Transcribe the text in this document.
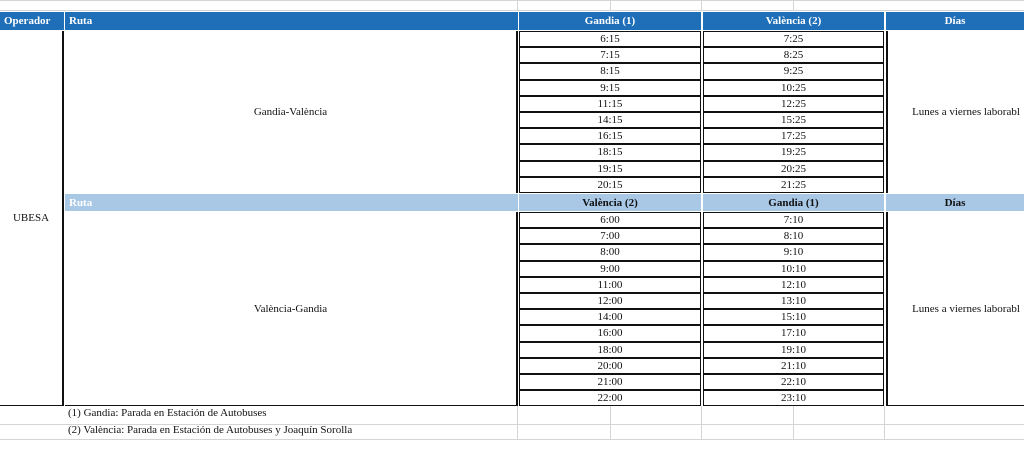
Operador	Ruta	Gandia (1)	València (2)	Días
UBESA
Gandia-València
6:15	7:25
7:15	8:25
8:15	9:25
9:15	10:25
11:15	12:25
14:15	15:25
16:15	17:25
18:15	19:25
19:15	20:25
20:15	21:25
Lunes a viernes laborabl
Ruta	València (2)	Gandia (1)	Días
València-Gandia
6:00	7:10
7:00	8:10
8:00	9:10
9:00	10:10
11:00	12:10
12:00	13:10
14:00	15:10
16:00	17:10
18:00	19:10
20:00	21:10
21:00	22:10
22:00	23:10
Lunes a viernes laborabl
(1) Gandia: Parada en Estación de Autobuses
(2) València: Parada en Estación de Autobuses y Joaquín Sorolla
